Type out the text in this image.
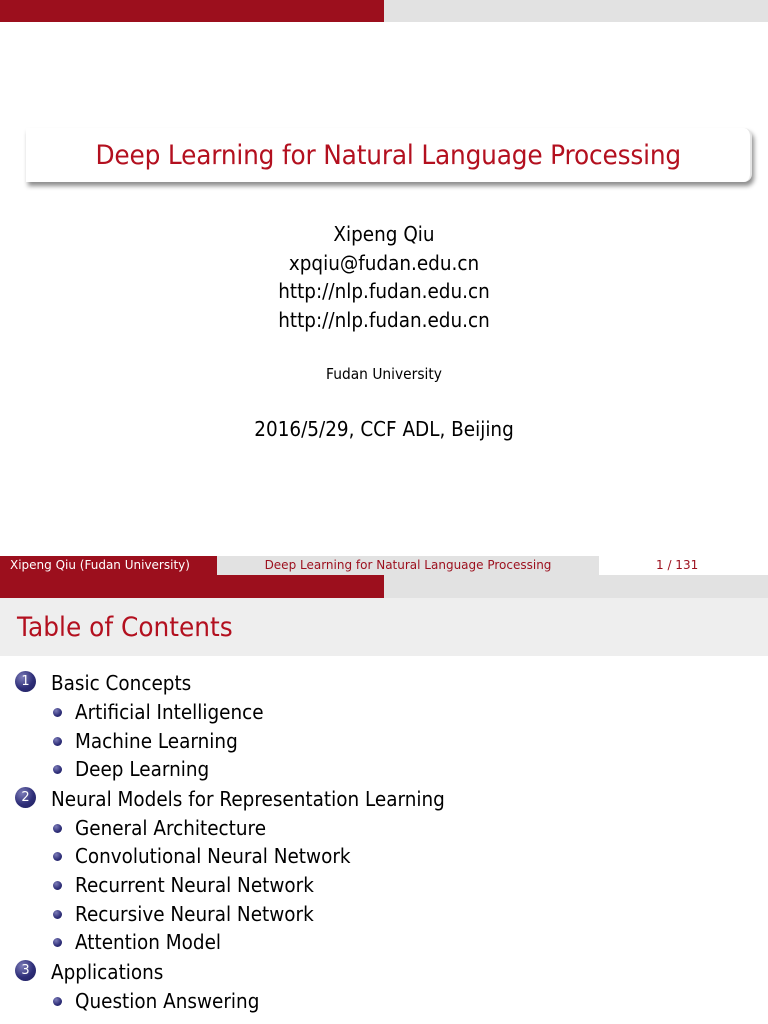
Deep Learning for Natural Language Processing
Xipeng Qiu
xpqiu@fudan.edu.cn
http://nlp.fudan.edu.cn
http://nlp.fudan.edu.cn
Fudan University
2016/5/29, CCF ADL, Beijing
Xipeng Qiu (Fudan University)	Deep Learning for Natural Language Processing	1 / 131
Table of Contents
1	Basic Concepts
Artificial Intelligence
Machine Learning
Deep Learning
2	Neural Models for Representation Learning
General Architecture
Convolutional Neural Network
Recurrent Neural Network
Recursive Neural Network
Attention Model
3	Applications
Question Answering
